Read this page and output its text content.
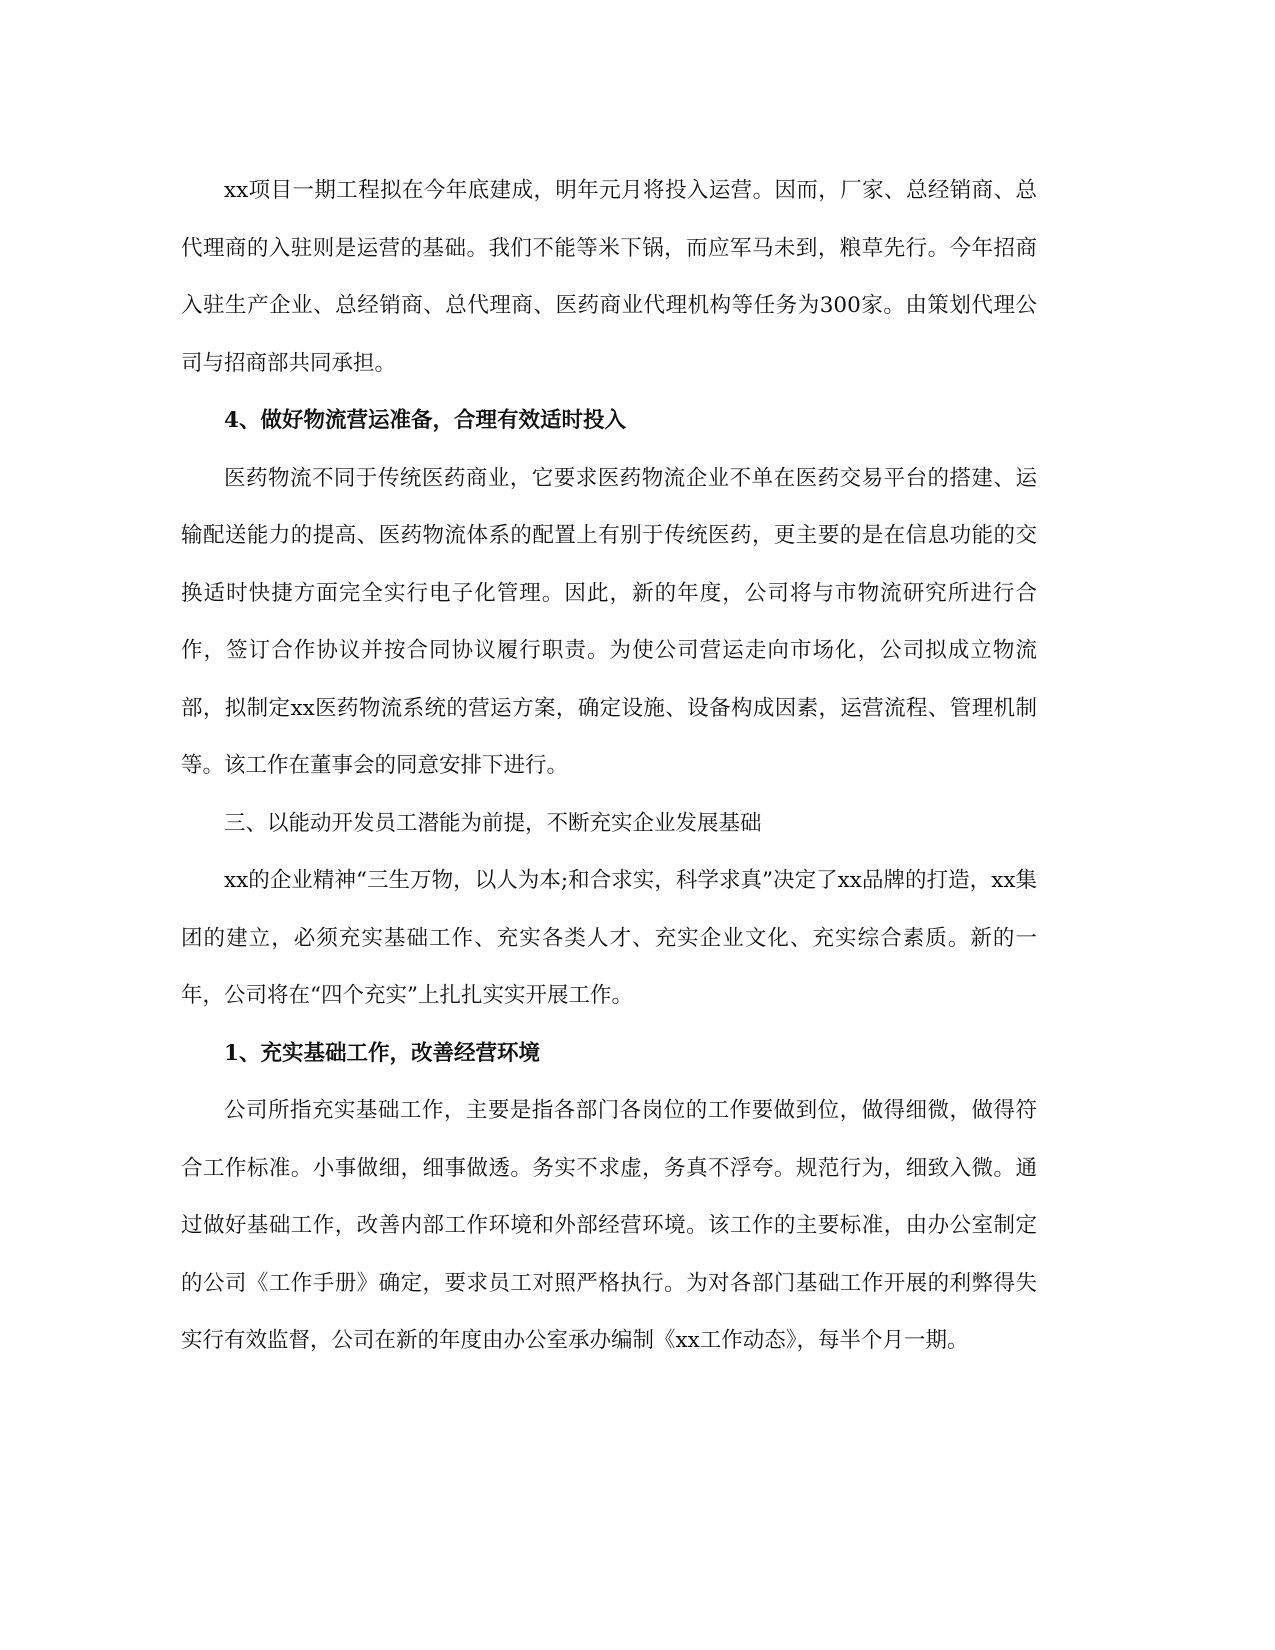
xx项目一期工程拟在今年底建成，明年元月将投入运营。因而，厂家、总经销商、总代理商的入驻则是运营的基础。我们不能等米下锅，而应军马未到，粮草先行。今年招商入驻生产企业、总经销商、总代理商、医药商业代理机构等任务为300家。由策划代理公司与招商部共同承担。

4、做好物流营运准备，合理有效适时投入

医药物流不同于传统医药商业，它要求医药物流企业不单在医药交易平台的搭建、运输配送能力的提高、医药物流体系的配置上有别于传统医药，更主要的是在信息功能的交换适时快捷方面完全实行电子化管理。因此，新的年度，公司将与市物流研究所进行合作，签订合作协议并按合同协议履行职责。为使公司营运走向市场化，公司拟成立物流部，拟制定xx医药物流系统的营运方案，确定设施、设备构成因素，运营流程、管理机制等。该工作在董事会的同意安排下进行。

三、以能动开发员工潜能为前提，不断充实企业发展基础

xx的企业精神“三生万物，以人为本;和合求实，科学求真”决定了xx品牌的打造，xx集团的建立，必须充实基础工作、充实各类人才、充实企业文化、充实综合素质。新的一年，公司将在“四个充实”上扎扎实实开展工作。

1、充实基础工作，改善经营环境

公司所指充实基础工作，主要是指各部门各岗位的工作要做到位，做得细微，做得符合工作标准。小事做细，细事做透。务实不求虚，务真不浮夸。规范行为，细致入微。通过做好基础工作，改善内部工作环境和外部经营环境。该工作的主要标准，由办公室制定的公司《工作手册》确定，要求员工对照严格执行。为对各部门基础工作开展的利弊得失实行有效监督，公司在新的年度由办公室承办编制《xx工作动态》，每半个月一期。
